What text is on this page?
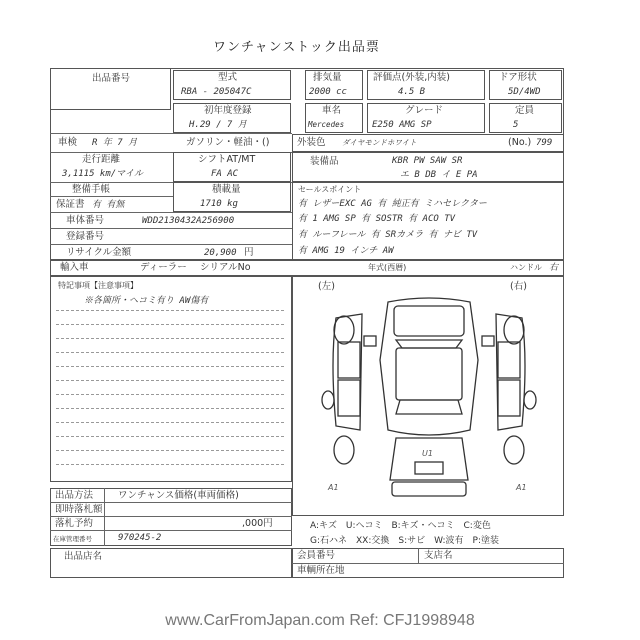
ワンチャンストック出品票
出品番号	型式
RBA - 205047C
排気量
2000 cc
評価点(外装,内装)
4.5 B
ドア形状
5D/4WD
初年度登録
H.29 / 7 月
車名
Mercedes
グレード
E250 AMG SP
定員
5
車検 R 年 7 月	ガソリン・軽油・()	外装色 ダイヤモンドホワイト	(No.) 799
走行距離
3,1115 km/マイル
シフトAT/MT
FA AC
装備品	KBR PW SAW SR
エ B DB イ E PA
整備手帳	積載量
1710 kg
セールスポイント
有 レザーEXC AG 有 純正有 ミハセレクター
有 1 AMG SP 有 SOSTR 有 ACO TV
有 ルーフレール 有 SRカメラ 有 ナビ TV
有 AMG 19 インチ AW
保証書 有 有無
車体番号	WDD2130432A256900
登録番号
リサイクル金額	20,900 円
輸入車	ディーラー シリアルNo	年式(西暦)	ハンドル 右
特記事項【注意事項】
※各箇所・ヘコミ有り AW傷有
(左)	(右)
A1	A1
U1
A:キズ　U:ヘコミ　B:キズ・ヘコミ　C:変色
G:石ハネ　XX:交換　S:サビ　W:波有　P:塗装
出品方法	ワンチャンス価格(車両価格)
即時落札額
落札予約	,000円
在庫管理番号	970245-2
出品店名	会員番号	支店名
車輌所在地
www.CarFromJapan.com Ref: CFJ1998948
